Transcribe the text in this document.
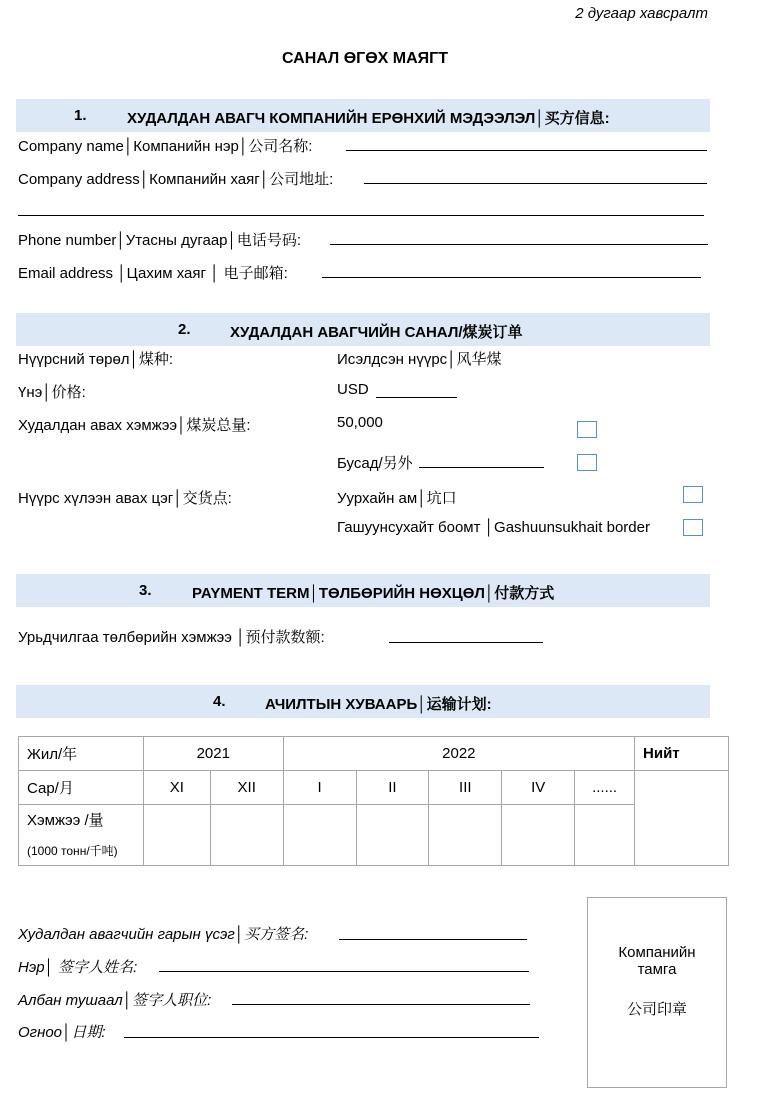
2 дугаар хавсралт
САНАЛ ӨГӨХ МАЯГТ
1.	ХУДАЛДАН АВАГЧ КОМПАНИЙН ЕРӨНХИЙ МЭДЭЭЛЭЛ│买方信息:
Company name│Компанийн нэр│公司名称:
Company address│Компанийн хаяг│公司地址:
Phone number│Утасны дугаар│电话号码:
Email address │Цахим хаяг │ 电子邮箱:
2.	ХУДАЛДАН АВАГЧИЙН САНАЛ/煤炭订单
Нүүрсний төрөл│煤种:	Исэлдсэн нүүрс│风华煤
Үнэ│价格:	USD
Худалдан авах хэмжээ│煤炭总量:	50,000
Бусад/另外
Нүүрс хүлээн авах цэг│交货点:	Уурхайн ам│坑口
Гашуунсухайт боомт │Gashuunsukhait border
3.	PAYMENT TERM│ТӨЛБӨРИЙН НӨХЦӨЛ│付款方式
Урьдчилгаа төлбөрийн хэмжээ │预付款数额:
4.	АЧИЛТЫН ХУВААРЬ│运输计划:
Жил/年	2021		2022					Нийт
Сар/月	XI	XII	I	II	III	IV	......	

Хэмжээ /量
(1000 тонн/千吨)								

Худалдан авагчийн гарын үсэг│买方签名:
Нэр│ 签字人姓名:
Албан тушаал│签字人职位:
Огноо│日期:
Компанийн
тамга
公司印章
